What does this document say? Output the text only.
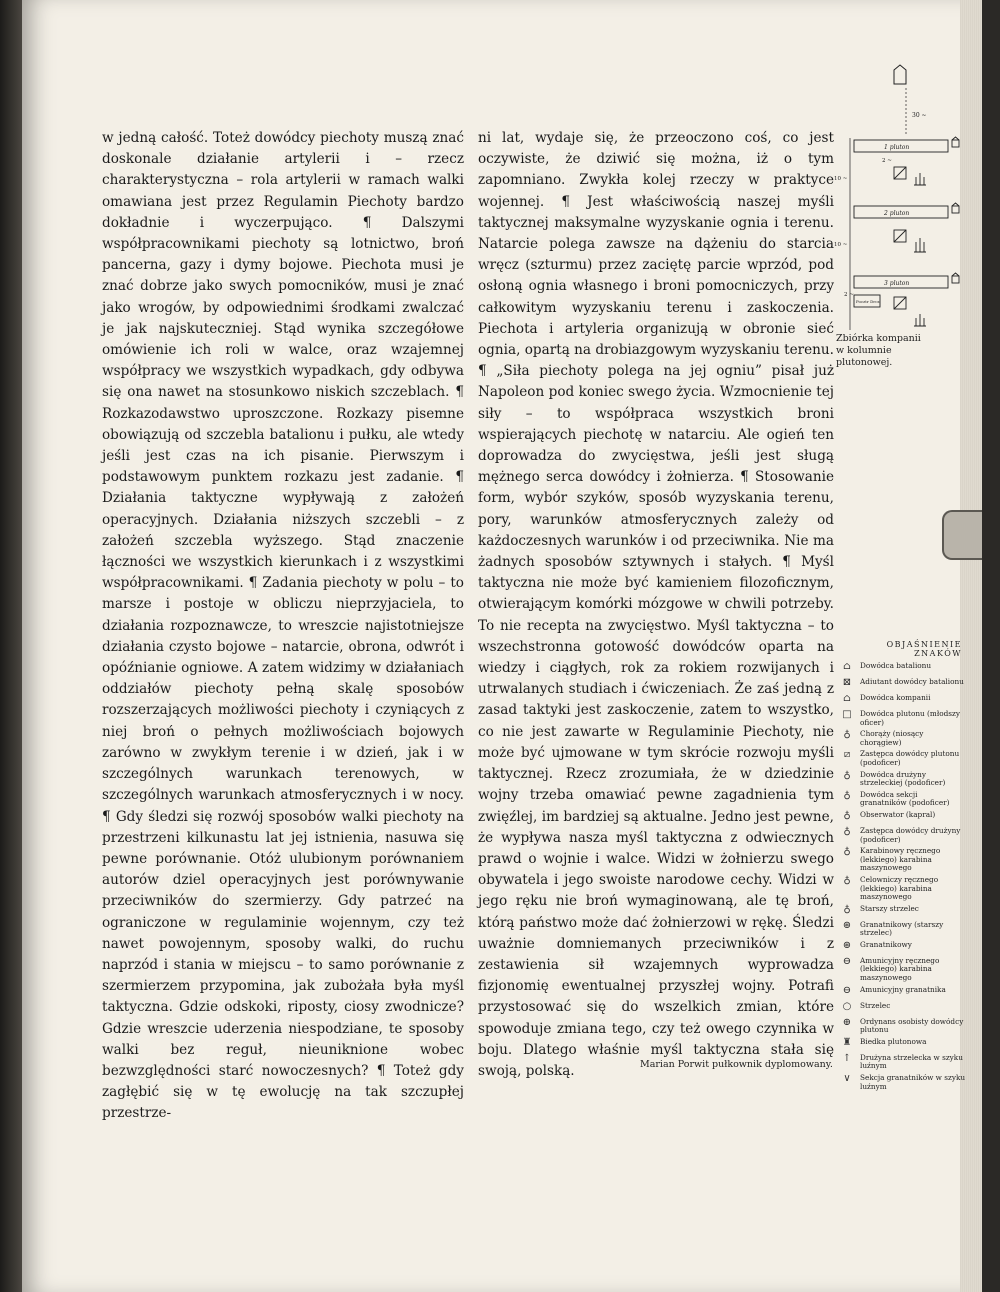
w jedną całość. Toteż dowódcy piechoty muszą znać doskonale działanie artylerii i – rzecz charakterystyczna – rola artylerii w ramach walki omawiana jest przez Regulamin Piechoty bardzo dokładnie i wyczerpująco. ¶ Dalszymi współpracownikami piechoty są lotnictwo, broń pancerna, gazy i dymy bojowe. Piechota musi je znać dobrze jako swych pomocników, musi je znać jako wrogów, by odpowiednimi środkami zwalczać je jak najskuteczniej. Stąd wynika szczegółowe omówienie ich roli w walce, oraz wzajemnej współpracy we wszystkich wypadkach, gdy odbywa się ona nawet na stosunkowo niskich szczeblach. ¶ Rozkazodawstwo uproszczone. Rozkazy pisemne obowiązują od szczebla batalionu i pułku, ale wtedy jeśli jest czas na ich pisanie. Pierwszym i podstawowym punktem rozkazu jest zadanie. ¶ Działania taktyczne wypływają z założeń operacyjnych. Działania niższych szczebli – z założeń szczebla wyższego. Stąd znaczenie łączności we wszystkich kierunkach i z wszystkimi współpracownikami. ¶ Zadania piechoty w polu – to marsze i postoje w obliczu nieprzyjaciela, to działania rozpoznawcze, to wreszcie najistotniejsze działania czysto bojowe – natarcie, obrona, odwrót i opóźnianie ogniowe. A zatem widzimy w działaniach oddziałów piechoty pełną skalę sposobów rozszerzających możliwości piechoty i czyniących z niej broń o pełnych możliwościach bojowych zarówno w zwykłym terenie i w dzień, jak i w szczególnych warunkach terenowych, w szczególnych warunkach atmosferycznych i w nocy. ¶ Gdy śledzi się rozwój sposobów walki piechoty na przestrzeni kilkunastu lat jej istnienia, nasuwa się pewne porównanie. Otóż ulubionym porównaniem autorów dziel operacyjnych jest porównywanie przeciwników do szermierzy. Gdy patrzeć na ograniczone w regulaminie wojennym, czy też nawet powojennym, sposoby walki, do ruchu naprzód i stania w miejscu – to samo porównanie z szermierzem przypomina, jak zubożała była myśl taktyczna. Gdzie odskoki, riposty, ciosy zwodnicze? Gdzie wreszcie uderzenia niespodziane, te sposoby walki bez reguł, nieuniknione wobec bezwzględności starć nowoczesnych? ¶ Toteż gdy zagłębić się w tę ewolucję na tak szczupłej przestrze-

ni lat, wydaje się, że przeoczono coś, co jest oczywiste, że dziwić się można, iż o tym zapomniano. Zwykła kolej rzeczy w praktyce wojennej. ¶ Jest właściwością naszej myśli taktycznej maksymalne wyzyskanie ognia i terenu. Natarcie polega zawsze na dążeniu do starcia wręcz (szturmu) przez zaciętę parcie wprzód, pod osłoną ognia własnego i broni pomocniczych, przy całkowitym wyzyskaniu terenu i zaskoczenia. Piechota i artyleria organizują w obronie sieć ognia, opartą na drobiazgowym wyzyskaniu terenu. ¶ „Siła piechoty polega na jej ogniu” pisał już Napoleon pod koniec swego życia. Wzmocnienie tej siły – to współpraca wszystkich broni wspierających piechotę w natarciu. Ale ogień ten doprowadza do zwycięstwa, jeśli jest sługą mężnego serca dowódcy i żołnierza. ¶ Stosowanie form, wybór szyków, sposób wyzyskania terenu, pory, warunków atmosferycznych zależy od każdoczesnych warunków i od przeciwnika. Nie ma żadnych sposobów sztywnych i stałych. ¶ Myśl taktyczna nie może być kamieniem filozoficznym, otwierającym komórki mózgowe w chwili potrzeby. To nie recepta na zwycięstwo. Myśl taktyczna – to wszechstronna gotowość dowódców oparta na wiedzy i ciągłych, rok za rokiem rozwijanych i utrwalanych studiach i ćwiczeniach. Że zaś jedną z zasad taktyki jest zaskoczenie, zatem to wszystko, co nie jest zawarte w Regulaminie Piechoty, nie może być ujmowane w tym skrócie rozwoju myśli taktycznej. Rzecz zrozumiała, że w dziedzinie wojny trzeba omawiać pewne zagadnienia tym zwięźlej, im bardziej są aktualne. Jedno jest pewne, że wypływa nasza myśl taktyczna z odwiecznych prawd o wojnie i walce. Widzi w żołnierzu swego obywatela i jego swoiste narodowe cechy. Widzi w jego ręku nie broń wymaginowaną, ale tę broń, którą państwo może dać żołnierzowi w rękę. Śledzi uważnie domniemanych przeciwników i z zestawienia sił wzajemnych wyprowadza fizjonomię ewentualnej przyszłej wojny. Potrafi przystosować się do wszelkich zmian, które spowoduje zmiana tego, czy też owego czynnika w boju. Dlatego właśnie myśl taktyczna stała się swoją, polską.	Marian Porwit pułkownik dyplomowany.
30 ~
1 pluton
2 pluton
3 pluton
Pocztr Drcz
2 ~
10 ~
10 ~
2 ~
Zbiórka kompanii w kolumnie plutonowej.
OBJAŚNIENIE ZNAKÓW
⌂ Dowódca batalionu
⊠ Adiutant dowódcy batalionu
⌂ Dowódca kompanii
□ Dowódca plutonu (młodszy oficer)
♁	Chorąży (niosący chorągiew)
⧄	Zastępca dowódcy plutonu (podoficer)
♁	Dowódca drużyny strzeleckiej (podoficer)
♁	Dowódca sekcji granatników (podoficer)
♁	Obserwator (kapral)
♁	Zastępca dowódcy drużyny (podoficer)
♁	Karabinowy ręcznego (lekkiego) karabina maszynowego
♁	Celowniczy ręcznego (lekkiego) karabina maszynowego
♁	Starszy strzelec
⊛ Granatnikowy (starszy strzelec)
⊛ Granatnikowy
⊖ Amunicyjny ręcznego (lekkiego) karabina maszynowego
⊖ Amunicyjny granatnika
○ Strzelec
⊕ Ordynans osobisty dowódcy plutonu
♜ Biedka plutonowa
↑ Drużyna strzelecka w szyku luźnym
∨	Sekcja granatników w szyku luźnym
